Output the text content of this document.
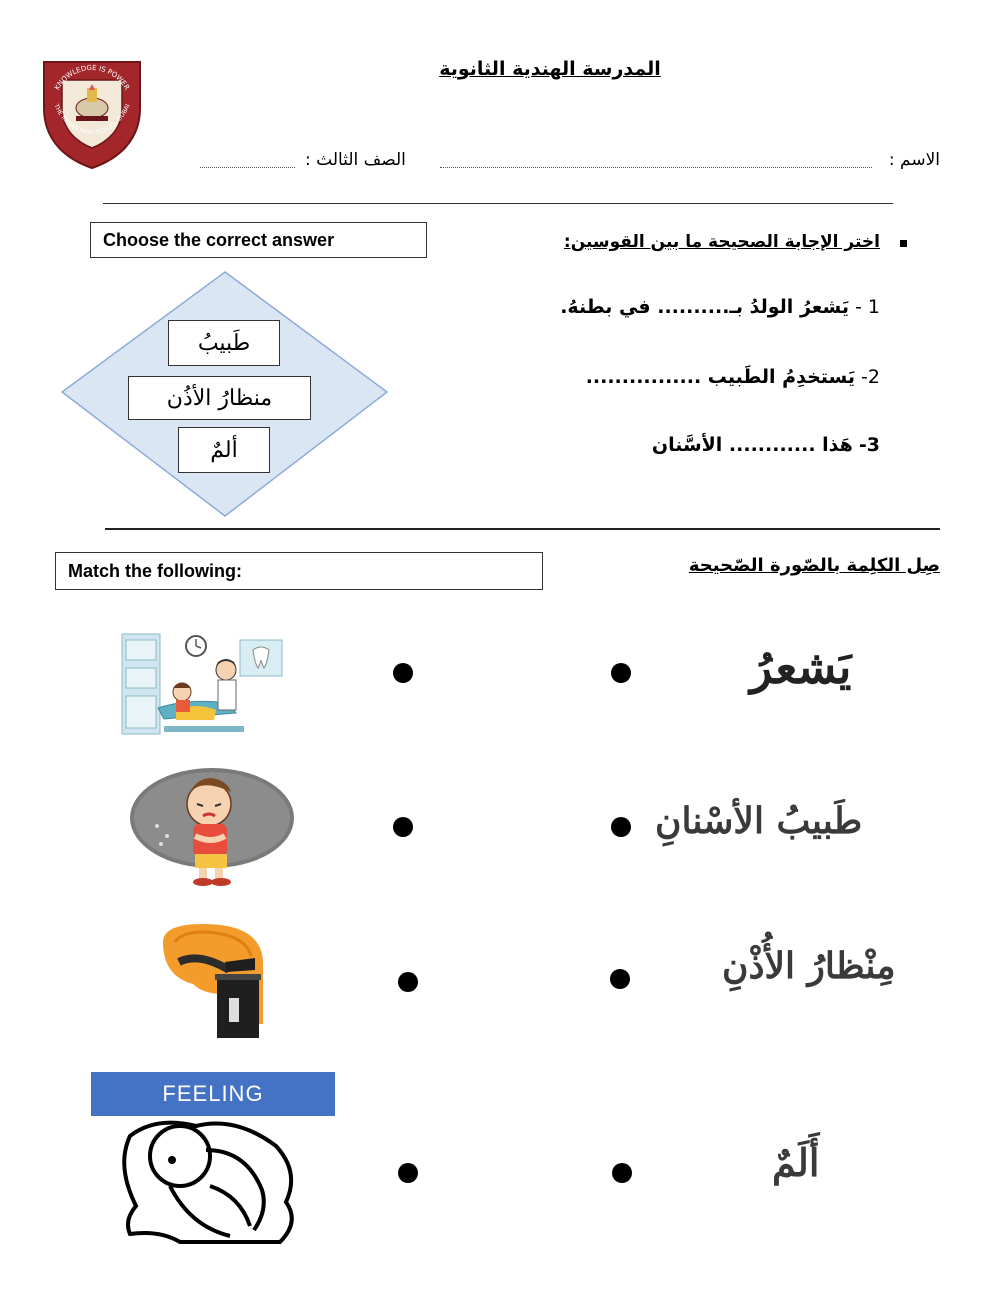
KNOWLEDGE IS POWER
THE INDIAN HIGH SCHOOL DUBAI
المدرسة الهندية الثانوية
الاسم :
الصف الثالث :
Choose the correct answer	اختر الإجابة الصحيحة ما بين القوسين:
1 - يَشعرُ الولدُ بـ.......... في بطنهُ.
2- يَستخدِمُ الطَبيب ................
3- هَذا ............ الأسَّنان
طَبيبُ
منظارُ الأذُن
ألمٌ
Match the following:	صِل الكلِمة بالصّورة الصّحيحة
يَشعرُ
طَبيبُ الأسْنانِ
مِنْظارُ الأُذْنِ
FEELING
أَلَمٌ
